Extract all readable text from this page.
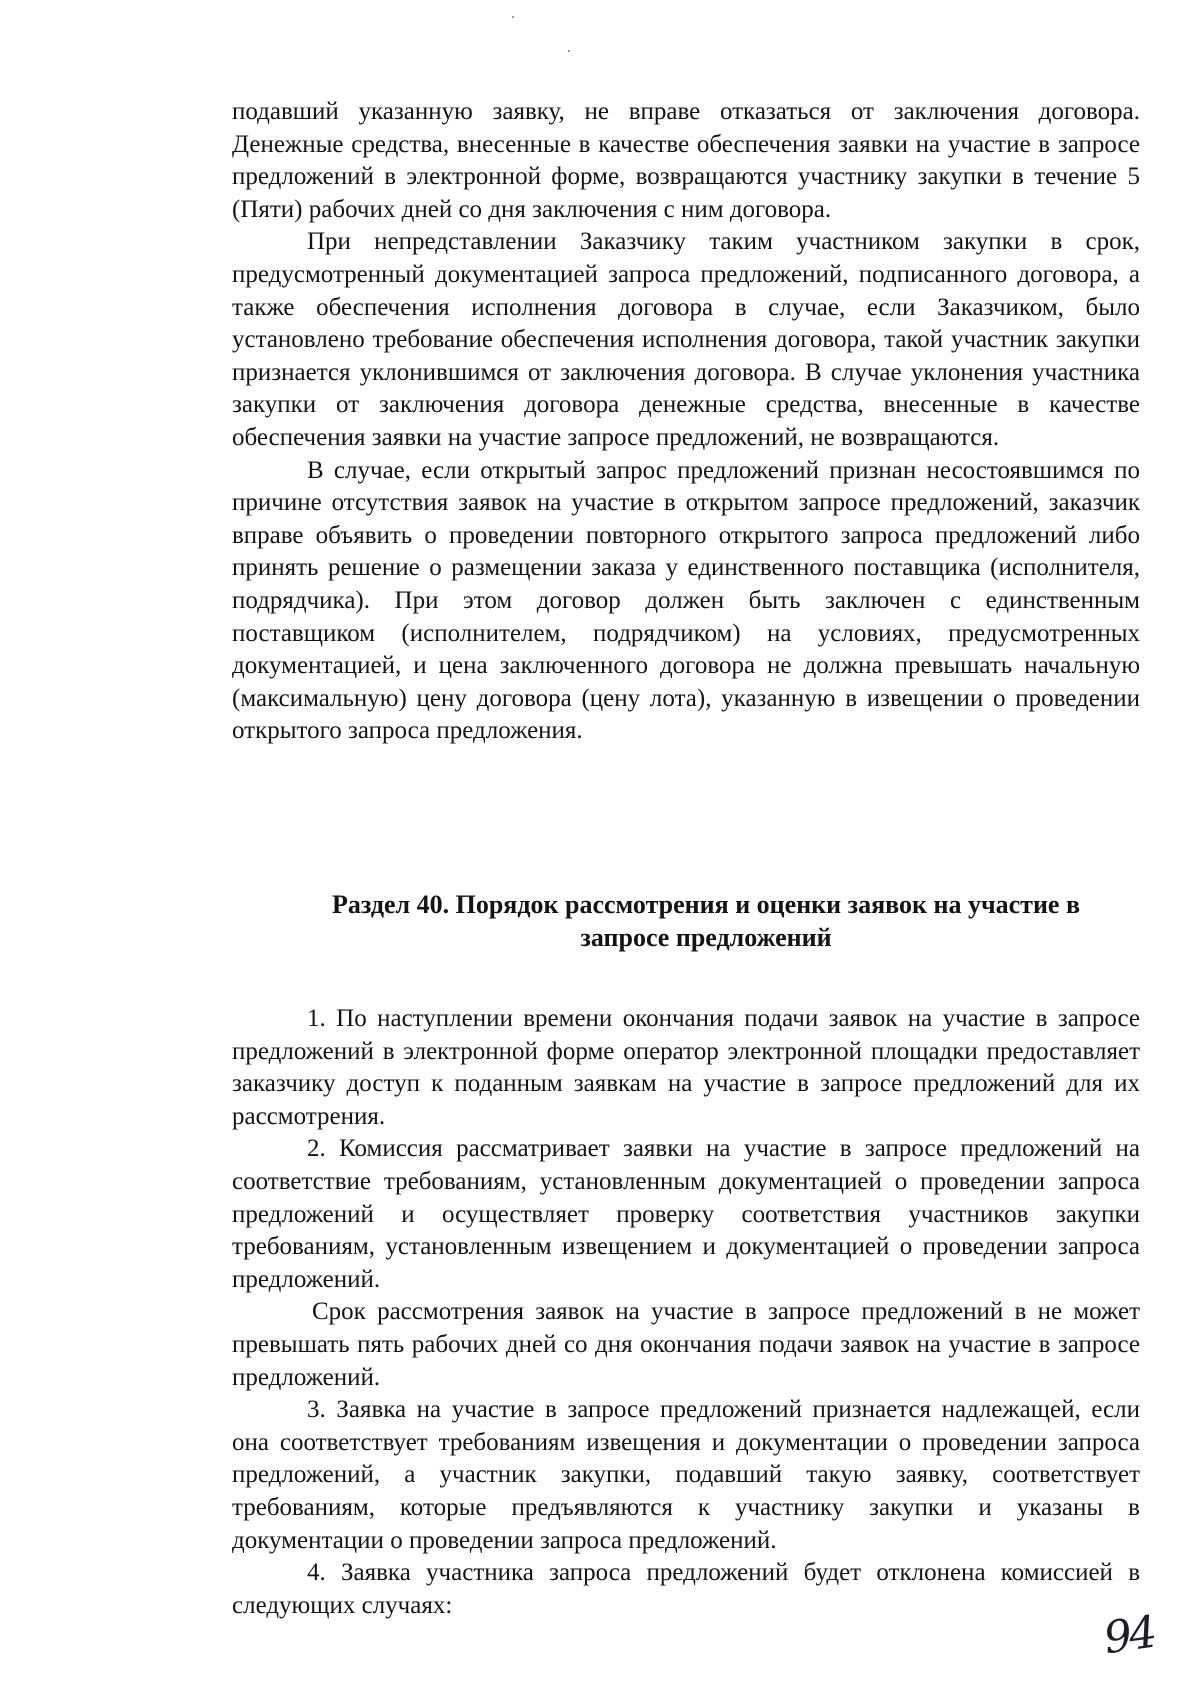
подавший указанную заявку, не вправе отказаться от заключения договора. Денежные средства, внесенные в качестве обеспечения заявки на участие в запросе предложений в электронной форме, возвращаются участнику закупки в течение 5 (Пяти) рабочих дней со дня заключения с ним договора.

При непредставлении Заказчику таким участником закупки в срок, предусмотренный документацией запроса предложений, подписанного договора, а также обеспечения исполнения договора в случае, если Заказчиком, было установлено требование обеспечения исполнения договора, такой участник закупки признается уклонившимся от заключения договора. В случае уклонения участника закупки от заключения договора денежные средства, внесенные в качестве обеспечения заявки на участие запросе предложений, не возвращаются.

В случае, если открытый запрос предложений признан несостоявшимся по причине отсутствия заявок на участие в открытом запросе предложений, заказчик вправе объявить о проведении повторного открытого запроса предложений либо принять решение о размещении заказа у единственного поставщика (исполнителя, подрядчика). При этом договор должен быть заключен с единственным поставщиком (исполнителем, подрядчиком) на условиях, предусмотренных документацией, и цена заключенного договора не должна превышать начальную (максимальную) цену договора (цену лота), указанную в извещении о проведении открытого запроса предложения.

Раздел 40. Порядок рассмотрения и оценки заявок на участие в
запросе предложений

1. По наступлении времени окончания подачи заявок на участие в запросе предложений в электронной форме оператор электронной площадки предоставляет заказчику доступ к поданным заявкам на участие в запросе предложений для их рассмотрения.

2. Комиссия рассматривает заявки на участие в запросе предложений на соответствие требованиям, установленным документацией о проведении запроса предложений и осуществляет проверку соответствия участников закупки требованиям, установленным извещением и документацией о проведении запроса предложений.

Срок рассмотрения заявок на участие в запросе предложений в не может превышать пять рабочих дней со дня окончания подачи заявок на участие в запросе предложений.

3. Заявка на участие в запросе предложений признается надлежащей, если она соответствует требованиям извещения и документации о проведении запроса предложений, а участник закупки, подавший такую заявку, соответствует требованиям, которые предъявляются к участнику закупки и указаны в документации о проведении запроса предложений.

4. Заявка участника запроса предложений будет отклонена комиссией в следующих случаях:

94
